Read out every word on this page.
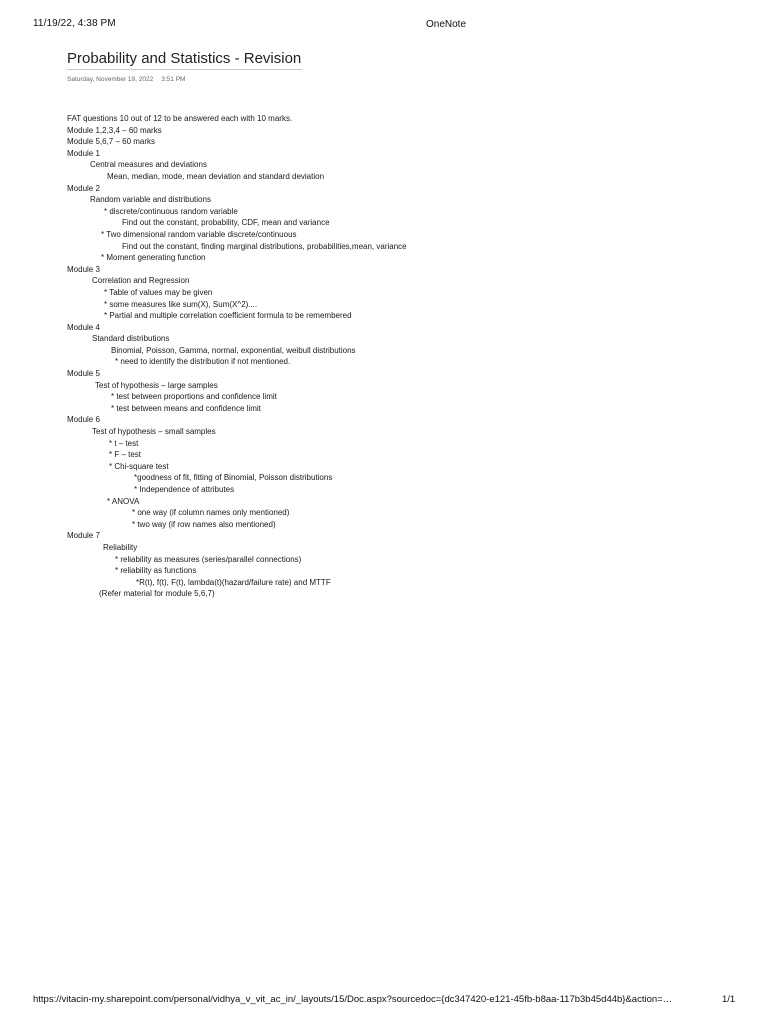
11/19/22, 4:38 PM	OneNote
Probability and Statistics - Revision
Saturday, November 19, 2022 3:51 PM
FAT questions 10 out of 12 to be answered each with 10 marks.
Module 1,2,3,4 – 60 marks
Module 5,6,7 – 60 marks
Module 1
Central measures and deviations
Mean, median, mode, mean deviation and standard deviation
Module 2
Random variable and distributions
* discrete/continuous random variable
Find out the constant, probability, CDF, mean and variance
* Two dimensional random variable discrete/continuous
Find out the constant, finding marginal distributions, probabilities,mean, variance
* Moment generating function
Module 3
Correlation and Regression
* Table of values may be given
* some measures like sum(X), Sum(X^2)....
* Partial and multiple correlation coefficient formula to be remembered
Module 4
Standard distributions
Binomial, Poisson, Gamma, normal, exponential, weibull distributions
* need to identify the distribution if not mentioned.
Module 5
Test of hypothesis – large samples
* test between proportions and confidence limit
* test between means and confidence limit
Module 6
Test of hypothesis – small samples
* t – test
* F – test
* Chi-square test
*goodness of fit, fitting of Binomial, Poisson distributions
* Independence of attributes
* ANOVA
* one way (if column names only mentioned)
* two way (if row names also mentioned)
Module 7
Reliability
* reliability as measures (series/parallel connections)
* reliability as functions
*R(t), f(t), F(t), lambda(t)(hazard/failure rate) and MTTF
(Refer material for module 5,6,7)
https://vitacin-my.sharepoint.com/personal/vidhya_v_vit_ac_in/_layouts/15/Doc.aspx?sourcedoc={dc347420-e121-45fb-b8aa-117b3b45d44b}&action=…	1/1
